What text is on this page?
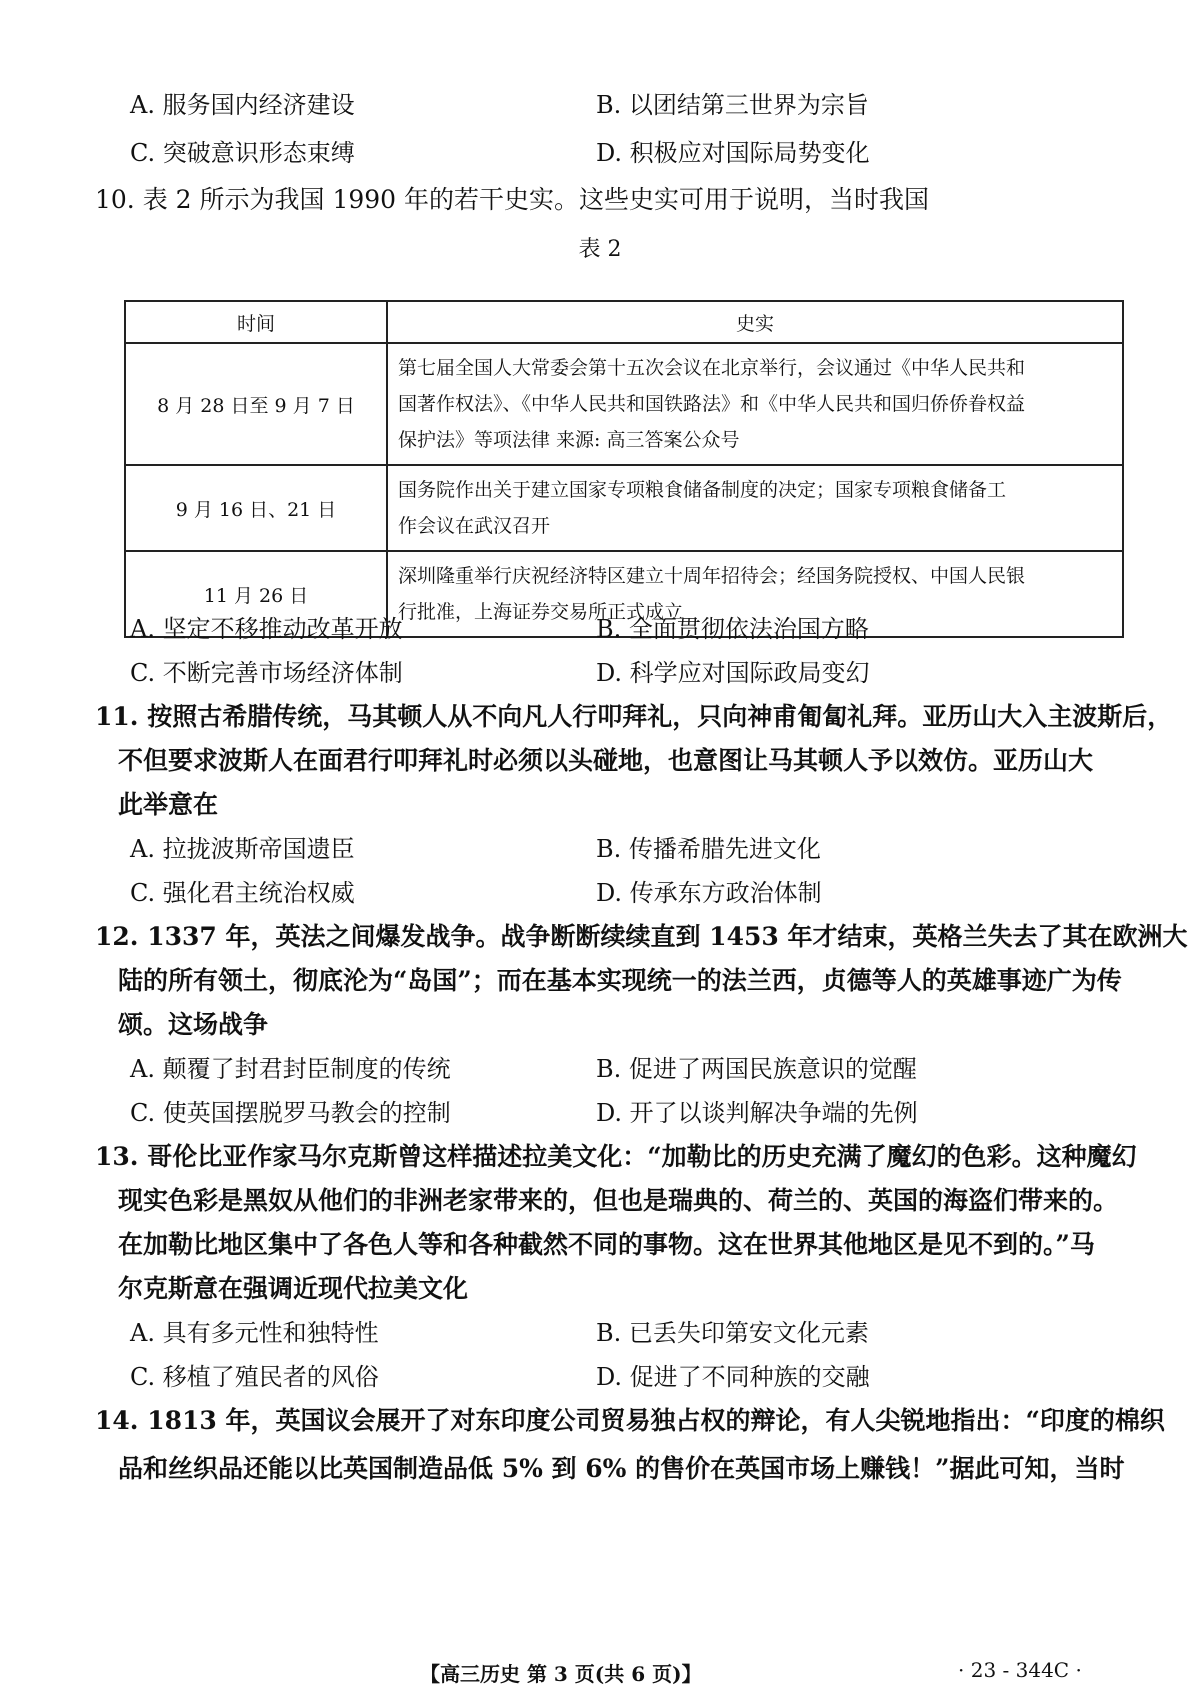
A. 服务国内经济建设	B. 以团结第三世界为宗旨
C. 突破意识形态束缚	D. 积极应对国际局势变化
10. 表 2 所示为我国 1990 年的若干史实。这些史实可用于说明，当时我国
表 2
时间	史实
8 月 28 日至 9 月 7 日	第七届全国人大常委会第十五次会议在北京举行，会议通过《中华人民共和
国著作权法》、《中华人民共和国铁路法》和《中华人民共和国归侨侨眷权益
保护法》等项法律 来源: 高三答案公众号

9 月 16 日、21 日	国务院作出关于建立国家专项粮食储备制度的决定；国家专项粮食储备工
作会议在武汉召开

11 月 26 日	深圳隆重举行庆祝经济特区建立十周年招待会；经国务院授权、中国人民银
行批准，上海证券交易所正式成立
A. 坚定不移推动改革开放	B. 全面贯彻依法治国方略
C. 不断完善市场经济体制	D. 科学应对国际政局变幻
11. 按照古希腊传统，马其顿人从不向凡人行叩拜礼，只向神甫匍匐礼拜。亚历山大入主波斯后，
不但要求波斯人在面君行叩拜礼时必须以头碰地，也意图让马其顿人予以效仿。亚历山大
此举意在
A. 拉拢波斯帝国遗臣	B. 传播希腊先进文化
C. 强化君主统治权威	D. 传承东方政治体制
12. 1337 年，英法之间爆发战争。战争断断续续直到 1453 年才结束，英格兰失去了其在欧洲大
陆的所有领土，彻底沦为“岛国”；而在基本实现统一的法兰西，贞德等人的英雄事迹广为传
颂。这场战争
A. 颠覆了封君封臣制度的传统	B. 促进了两国民族意识的觉醒
C. 使英国摆脱罗马教会的控制	D. 开了以谈判解决争端的先例
13. 哥伦比亚作家马尔克斯曾这样描述拉美文化：“加勒比的历史充满了魔幻的色彩。这种魔幻
现实色彩是黑奴从他们的非洲老家带来的，但也是瑞典的、荷兰的、英国的海盗们带来的。
在加勒比地区集中了各色人等和各种截然不同的事物。这在世界其他地区是见不到的。”马
尔克斯意在强调近现代拉美文化
A. 具有多元性和独特性	B. 已丢失印第安文化元素
C. 移植了殖民者的风俗	D. 促进了不同种族的交融
14. 1813 年，英国议会展开了对东印度公司贸易独占权的辩论，有人尖锐地指出：“印度的棉织
品和丝织品还能以比英国制造品低 5% 到 6% 的售价在英国市场上赚钱！”据此可知，当时
【高三历史 第 3 页(共 6 页)】	· 23 - 344C ·
